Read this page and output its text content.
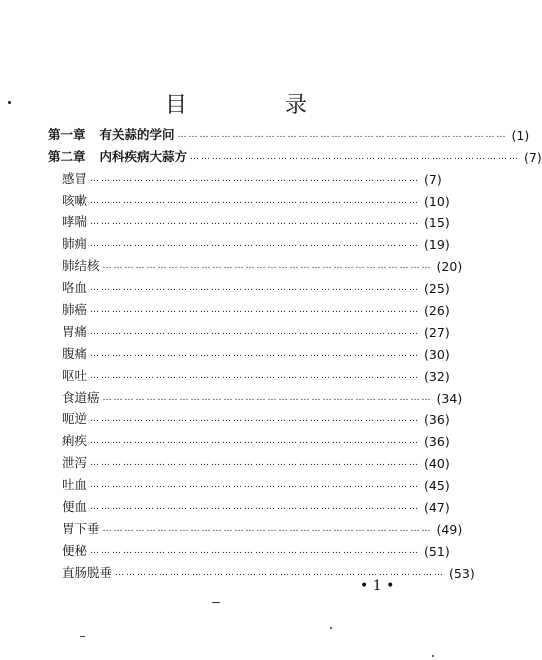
目　录
第一章 有关蒜的学问 ……………………………………………………………………………… ( 1 )
第二章 内科疾病大蒜方 ……………………………………………………………………………… ( 7 )
感冒 ……………………………………………………………………………… ( 7 )
咳嗽 ……………………………………………………………………………… ( 10 )
哮喘 ……………………………………………………………………………… ( 15 )
肺痈 ……………………………………………………………………………… ( 19 )
肺结核 ……………………………………………………………………………… ( 20 )
咯血 ……………………………………………………………………………… ( 25 )
肺癌 ……………………………………………………………………………… ( 26 )
胃痛 ……………………………………………………………………………… ( 27 )
腹痛 ……………………………………………………………………………… ( 30 )
呕吐 ……………………………………………………………………………… ( 32 )
食道癌 ……………………………………………………………………………… ( 34 )
呃逆 ……………………………………………………………………………… ( 36 )
痢疾 ……………………………………………………………………………… ( 36 )
泄泻 ……………………………………………………………………………… ( 40 )
吐血 ……………………………………………………………………………… ( 45 )
便血 ……………………………………………………………………………… ( 47 )
胃下垂 ……………………………………………………………………………… ( 49 )
便秘 ……………………………………………………………………………… ( 51 )
直肠脱垂 ……………………………………………………………………………… ( 53 )
• 1 •
